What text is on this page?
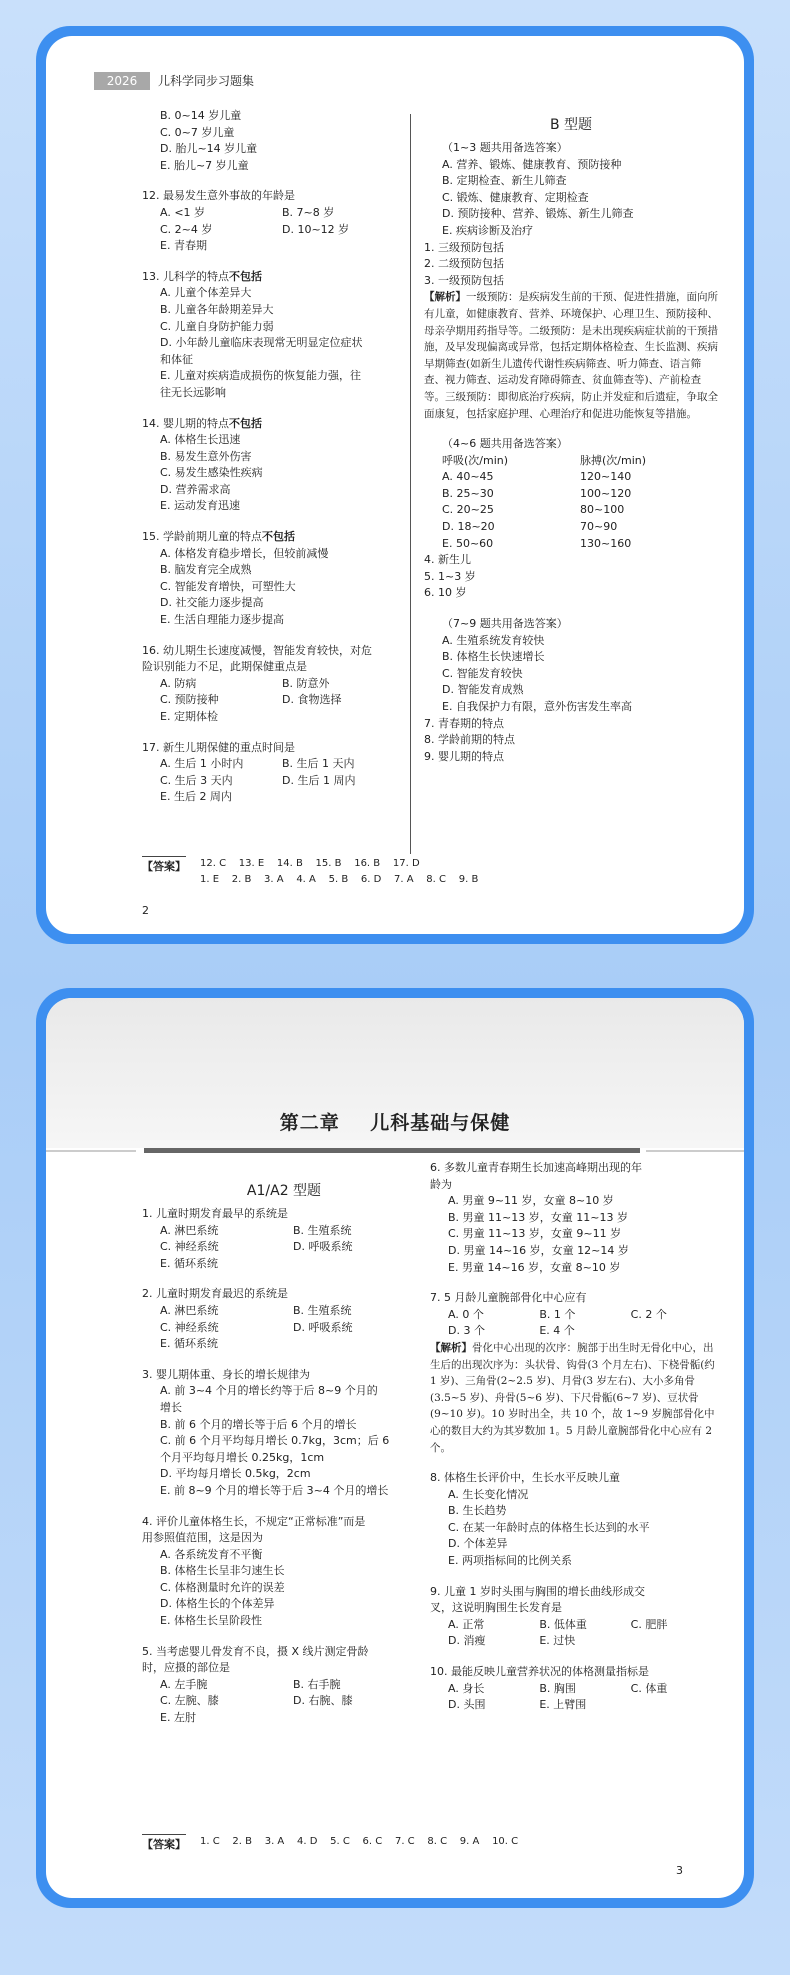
2026	儿科学同步习题集
B. 0~14 岁儿童
C. 0~7 岁儿童
D. 胎儿~14 岁儿童
E. 胎儿~7 岁儿童
12. 最易发生意外事故的年龄是
A. <1 岁	B. 7~8 岁
C. 2~4 岁	D. 10~12 岁
E. 青春期
13. 儿科学的特点不包括
A. 儿童个体差异大
B. 儿童各年龄期差异大
C. 儿童自身防护能力弱
D. 小年龄儿童临床表现常无明显定位症状
和体征
E. 儿童对疾病造成损伤的恢复能力强，往
往无长远影响
14. 婴儿期的特点不包括
A. 体格生长迅速
B. 易发生意外伤害
C. 易发生感染性疾病
D. 营养需求高
E. 运动发育迅速
15. 学龄前期儿童的特点不包括
A. 体格发育稳步增长，但较前减慢
B. 脑发育完全成熟
C. 智能发育增快，可塑性大
D. 社交能力逐步提高
E. 生活自理能力逐步提高
16. 幼儿期生长速度减慢，智能发育较快，对危
险识别能力不足，此期保健重点是
A. 防病	B. 防意外
C. 预防接种	D. 食物选择
E. 定期体检
17. 新生儿期保健的重点时间是
A. 生后 1 小时内	B. 生后 1 天内
C. 生后 3 天内	D. 生后 1 周内
E. 生后 2 周内
B 型题
（1~3 题共用备选答案）
A. 营养、锻炼、健康教育、预防接种
B. 定期检查、新生儿筛查
C. 锻炼、健康教育、定期检查
D. 预防接种、营养、锻炼、新生儿筛查
E. 疾病诊断及治疗
1. 三级预防包括
2. 二级预防包括
3. 一级预防包括
【解析】一级预防：是疾病发生前的干预、促进性措施，面向所有儿童，如健康教育、营养、环境保护、心理卫生、预防接种、母亲孕期用药指导等。二级预防：是未出现疾病症状前的干预措施，及早发现偏离或异常，包括定期体格检查、生长监测、疾病早期筛查(如新生儿遗传代谢性疾病筛查、听力筛查、语言筛查、视力筛查、运动发育障碍筛查、贫血筛查等)、产前检查等。三级预防：即彻底治疗疾病，防止并发症和后遗症，争取全面康复，包括家庭护理、心理治疗和促进功能恢复等措施。
（4~6 题共用备选答案）
呼吸(次/min)	脉搏(次/min)
A. 40~45	120~140
B. 25~30	100~120
C. 20~25	80~100
D. 18~20	70~90
E. 50~60	130~160
4. 新生儿
5. 1~3 岁
6. 10 岁
（7~9 题共用备选答案）
A. 生殖系统发育较快
B. 体格生长快速增长
C. 智能发育较快
D. 智能发育成熟
E. 自我保护力有限，意外伤害发生率高
7. 青春期的特点
8. 学龄前期的特点
9. 婴儿期的特点
【答案】 12. C    13. E    14. B    15. B    16. B    17. D
1. E    2. B    3. A    4. A    5. B    6. D    7. A    8. C    9. B
2
第二章    儿科基础与保健
A1/A2 型题
1. 儿童时期发育最早的系统是
A. 淋巴系统	B. 生殖系统
C. 神经系统	D. 呼吸系统
E. 循环系统
2. 儿童时期发育最迟的系统是
A. 淋巴系统	B. 生殖系统
C. 神经系统	D. 呼吸系统
E. 循环系统
3. 婴儿期体重、身长的增长规律为
A. 前 3~4 个月的增长约等于后 8~9 个月的
增长
B. 前 6 个月的增长等于后 6 个月的增长
C. 前 6 个月平均每月增长 0.7kg，3cm；后 6
个月平均每月增长 0.25kg，1cm
D. 平均每月增长 0.5kg，2cm
E. 前 8~9 个月的增长等于后 3~4 个月的增长
4. 评价儿童体格生长，不规定“正常标准”而是
用参照值范围，这是因为
A. 各系统发育不平衡
B. 体格生长呈非匀速生长
C. 体格测量时允许的误差
D. 体格生长的个体差异
E. 体格生长呈阶段性
5. 当考虑婴儿骨发育不良，摄 X 线片测定骨龄
时，应摄的部位是
A. 左手腕	B. 右手腕
C. 左腕、膝	D. 右腕、膝
E. 左肘
6. 多数儿童青春期生长加速高峰期出现的年
龄为
A. 男童 9~11 岁，女童 8~10 岁
B. 男童 11~13 岁，女童 11~13 岁
C. 男童 11~13 岁，女童 9~11 岁
D. 男童 14~16 岁，女童 12~14 岁
E. 男童 14~16 岁，女童 8~10 岁
7. 5 月龄儿童腕部骨化中心应有
A. 0 个	B. 1 个	C. 2 个
D. 3 个	E. 4 个
【解析】骨化中心出现的次序：腕部于出生时无骨化中心，出生后的出现次序为：头状骨、钩骨(3 个月左右)、下桡骨骺(约 1 岁)、三角骨(2~2.5 岁)、月骨(3 岁左右)、大小多角骨(3.5~5 岁)、舟骨(5~6 岁)、下尺骨骺(6~7 岁)、豆状骨(9~10 岁)。10 岁时出全，共 10 个，故 1~9 岁腕部骨化中心的数目大约为其岁数加 1。5 月龄儿童腕部骨化中心应有 2 个。
8. 体格生长评价中，生长水平反映儿童
A. 生长变化情况
B. 生长趋势
C. 在某一年龄时点的体格生长达到的水平
D. 个体差异
E. 两项指标间的比例关系
9. 儿童 1 岁时头围与胸围的增长曲线形成交
叉，这说明胸围生长发育是
A. 正常	B. 低体重	C. 肥胖
D. 消瘦	E. 过快
10. 最能反映儿童营养状况的体格测量指标是
A. 身长	B. 胸围	C. 体重
D. 头围	E. 上臂围
【答案】	1. C    2. B    3. A    4. D    5. C    6. C    7. C    8. C    9. A    10. C
3
